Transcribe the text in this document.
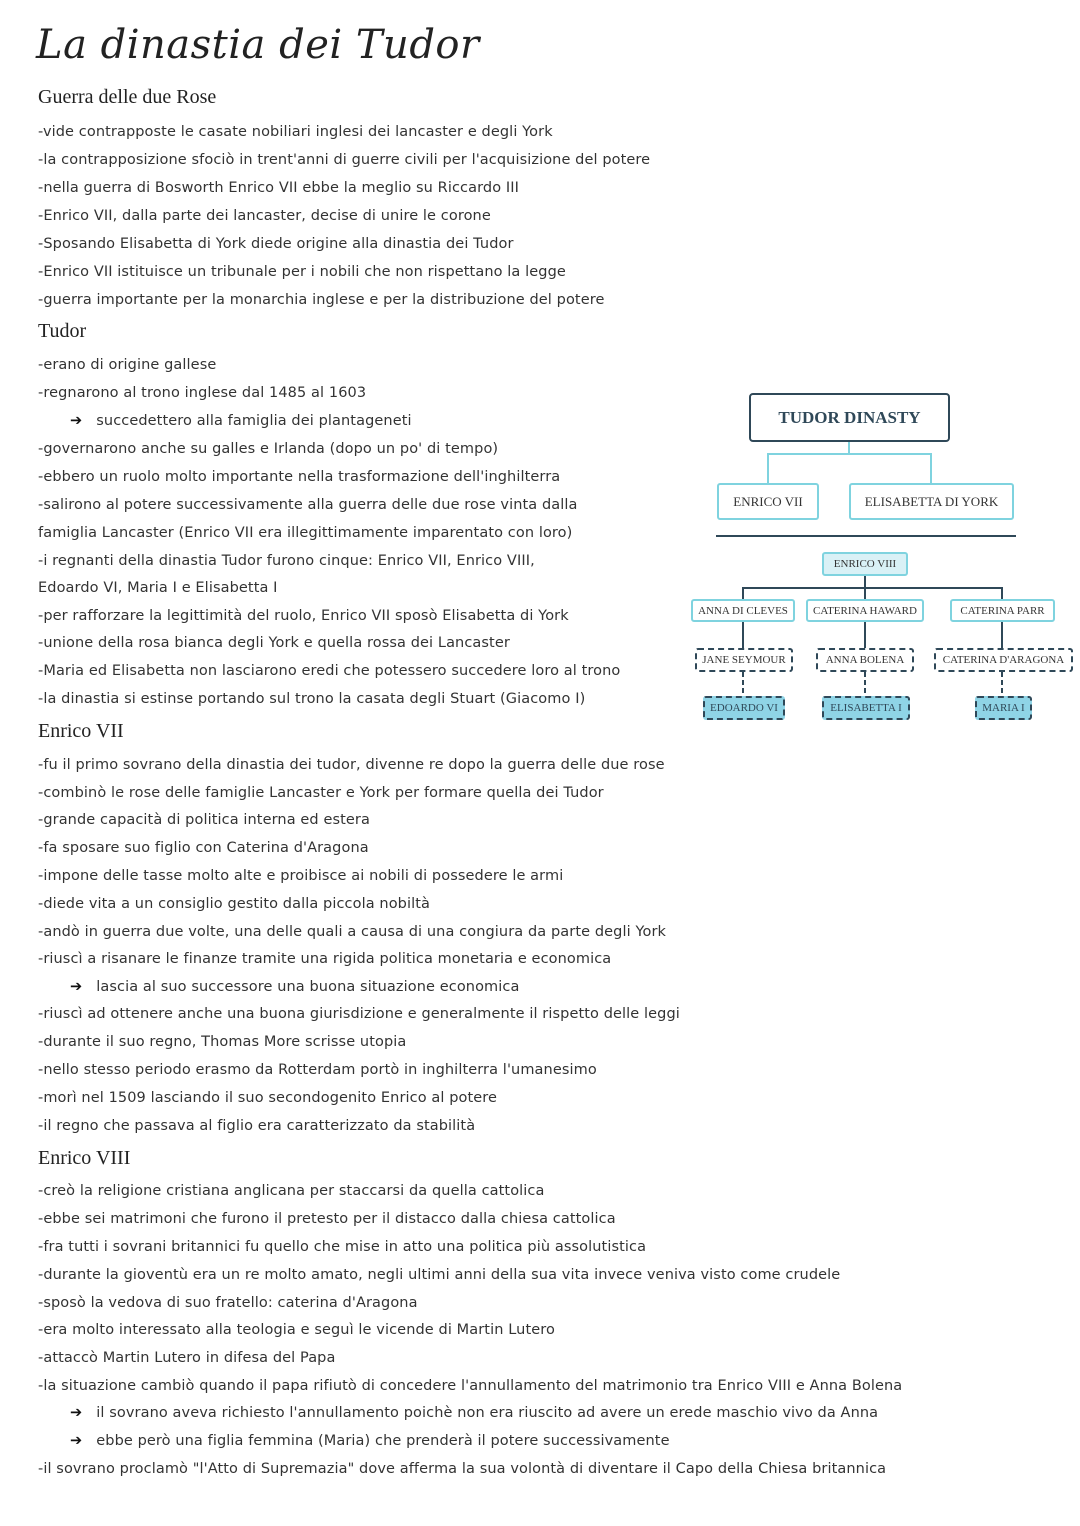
La dinastia dei Tudor
Guerra delle due Rose
-vide contrapposte le casate nobiliari inglesi dei lancaster e degli York
-la contrapposizione sfociò in trent'anni di guerre civili per l'acquisizione del potere
-nella guerra di Bosworth Enrico VII ebbe la meglio su Riccardo III
-Enrico VII, dalla parte dei lancaster, decise di unire le corone
-Sposando Elisabetta di York diede origine alla dinastia dei Tudor
-Enrico VII istituisce un tribunale per i nobili che non rispettano la legge
-guerra importante per la monarchia inglese e per la distribuzione del potere
Tudor
-erano di origine gallese
-regnarono al trono inglese dal 1485 al 1603
➔ succedettero alla famiglia dei plantageneti
-governarono anche su galles e Irlanda (dopo un po' di tempo)
-ebbero un ruolo molto importante nella trasformazione dell'inghilterra
-salirono al potere successivamente alla guerra delle due rose vinta dalla
famiglia Lancaster (Enrico VII era illegittimamente imparentato con loro)
-i regnanti della dinastia Tudor furono cinque: Enrico VII, Enrico VIII,
Edoardo VI, Maria I e Elisabetta I
-per rafforzare la legittimità del ruolo, Enrico VII sposò Elisabetta di York
-unione della rosa bianca degli York e quella rossa dei Lancaster
-Maria ed Elisabetta non lasciarono eredi che potessero succedere loro al trono
-la dinastia si estinse portando sul trono la casata degli Stuart (Giacomo I)
Enrico VII
-fu il primo sovrano della dinastia dei tudor, divenne re dopo la guerra delle due rose
-combinò le rose delle famiglie Lancaster e York per formare quella dei Tudor
-grande capacità di politica interna ed estera
-fa sposare suo figlio con Caterina d'Aragona
-impone delle tasse molto alte e proibisce ai nobili di possedere le armi
-diede vita a un consiglio gestito dalla piccola nobiltà
-andò in guerra due volte, una delle quali a causa di una congiura da parte degli York
-riuscì a risanare le finanze tramite una rigida politica monetaria e economica
➔ lascia al suo successore una buona situazione economica
-riuscì ad ottenere anche una buona giurisdizione e generalmente il rispetto delle leggi
-durante il suo regno, Thomas More scrisse utopia
-nello stesso periodo erasmo da Rotterdam portò in inghilterra l'umanesimo
-morì nel 1509 lasciando il suo secondogenito Enrico al potere
-il regno che passava al figlio era caratterizzato da stabilità
Enrico VIII
-creò la religione cristiana anglicana per staccarsi da quella cattolica
-ebbe sei matrimoni che furono il pretesto per il distacco dalla chiesa cattolica
-fra tutti i sovrani britannici fu quello che mise in atto una politica più assolutistica
-durante la gioventù era un re molto amato, negli ultimi anni della sua vita invece veniva visto come crudele
-sposò la vedova di suo fratello: caterina d'Aragona
-era molto interessato alla teologia e seguì le vicende di Martin Lutero
-attaccò Martin Lutero in difesa del Papa
-la situazione cambiò quando il papa rifiutò di concedere l'annullamento del matrimonio tra Enrico VIII e Anna Bolena
➔ il sovrano aveva richiesto l'annullamento poichè non era riuscito ad avere un erede maschio vivo da Anna
➔ ebbe però una figlia femmina (Maria) che prenderà il potere successivamente
-il sovrano proclamò "l'Atto di Supremazia" dove afferma la sua volontà di diventare il Capo della Chiesa britannica
TUDOR DINASTY
ENRICO VII	ELISABETTA DI YORK
ENRICO VIII
ANNA DI CLEVES	CATERINA HAWARD	CATERINA PARR
JANE SEYMOUR	ANNA BOLENA	CATERINA D'ARAGONA
EDOARDO VI	ELISABETTA I	MARIA I
